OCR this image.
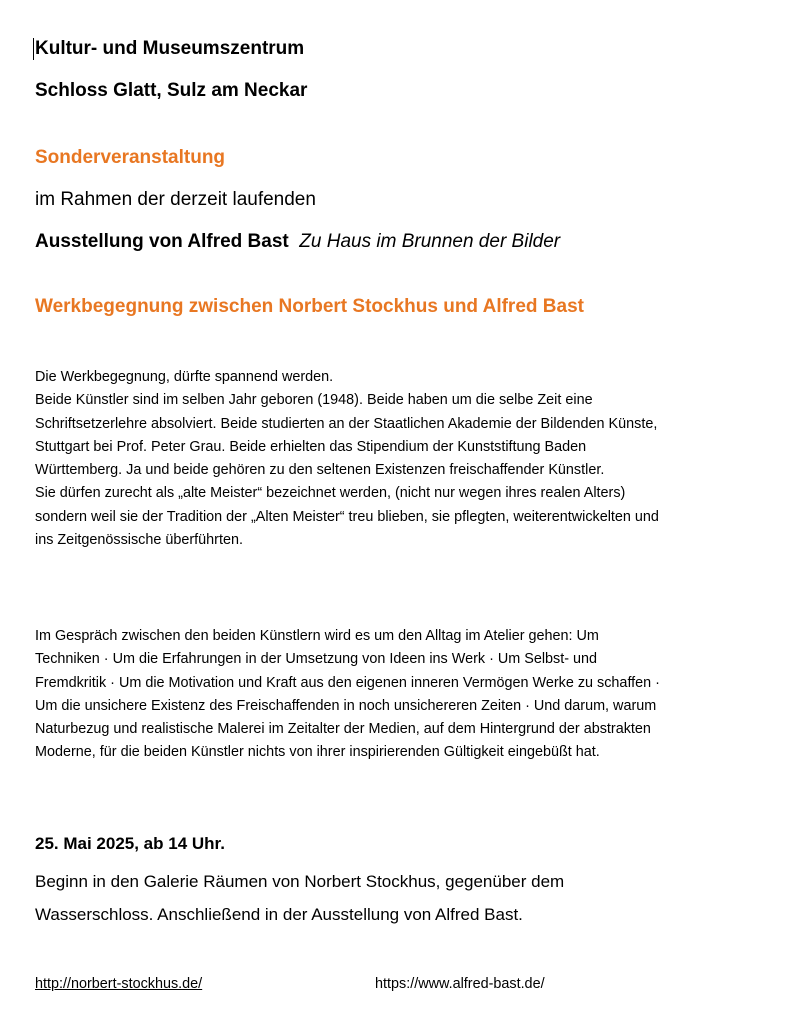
Kultur- und Museumszentrum
Schloss Glatt, Sulz am Neckar
Sonderveranstaltung
im Rahmen der derzeit laufenden
Ausstellung von Alfred Bast Zu Haus im Brunnen der Bilder
Werkbegegnung zwischen Norbert Stockhus und Alfred Bast
Die Werkbegegnung, dürfte spannend werden.
Beide Künstler sind im selben Jahr geboren (1948). Beide haben um die selbe Zeit eine
Schriftsetzerlehre absolviert. Beide studierten an der Staatlichen Akademie der Bildenden Künste,
Stuttgart bei Prof. Peter Grau. Beide erhielten das Stipendium der Kunststiftung Baden
Württemberg. Ja und beide gehören zu den seltenen Existenzen freischaffender Künstler.
Sie dürfen zurecht als „alte Meister“ bezeichnet werden, (nicht nur wegen ihres realen Alters)
sondern weil sie der Tradition der „Alten Meister“ treu blieben, sie pflegten, weiterentwickelten und
ins Zeitgenössische überführten.
Im Gespräch zwischen den beiden Künstlern wird es um den Alltag im Atelier gehen: Um
Techniken · Um die Erfahrungen in der Umsetzung von Ideen ins Werk · Um Selbst- und
Fremdkritik · Um die Motivation und Kraft aus den eigenen inneren Vermögen Werke zu schaffen ·
Um die unsichere Existenz des Freischaffenden in noch unsichereren Zeiten · Und darum, warum
Naturbezug und realistische Malerei im Zeitalter der Medien, auf dem Hintergrund der abstrakten
Moderne, für die beiden Künstler nichts von ihrer inspirierenden Gültigkeit eingebüßt hat.
25. Mai 2025, ab 14 Uhr.
Beginn in den Galerie Räumen von Norbert Stockhus, gegenüber dem
Wasserschloss. Anschließend in der Ausstellung von Alfred Bast.
http://norbert-stockhus.de/	https://www.alfred-bast.de/
